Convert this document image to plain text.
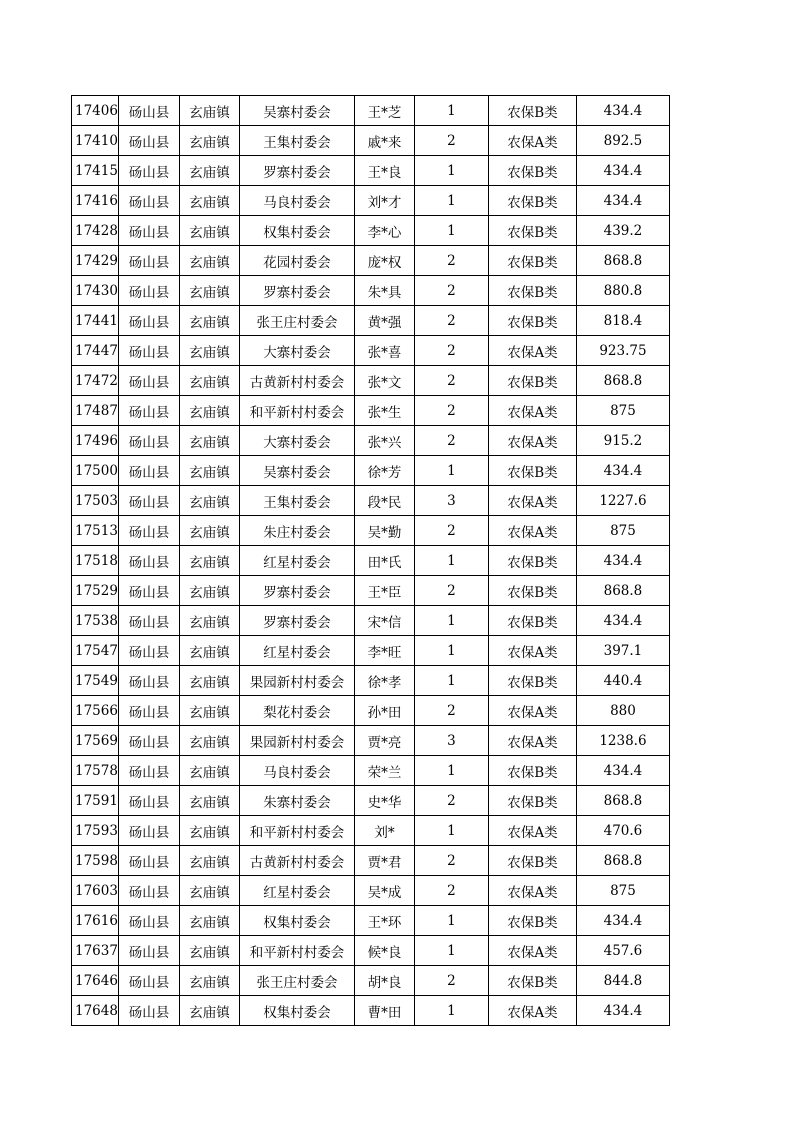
17406	砀山县	玄庙镇	吴寨村委会	王*芝	1	农保B类	434.4
17410	砀山县	玄庙镇	王集村委会	戚*来	2	农保A类	892.5
17415	砀山县	玄庙镇	罗寨村委会	王*良	1	农保B类	434.4
17416	砀山县	玄庙镇	马良村委会	刘*才	1	农保B类	434.4
17428	砀山县	玄庙镇	权集村委会	李*心	1	农保B类	439.2
17429	砀山县	玄庙镇	花园村委会	庞*权	2	农保B类	868.8
17430	砀山县	玄庙镇	罗寨村委会	朱*具	2	农保B类	880.8
17441	砀山县	玄庙镇	张王庄村委会	黄*强	2	农保B类	818.4
17447	砀山县	玄庙镇	大寨村委会	张*喜	2	农保A类	923.75
17472	砀山县	玄庙镇	古黄新村村委会	张*文	2	农保B类	868.8
17487	砀山县	玄庙镇	和平新村村委会	张*生	2	农保A类	875
17496	砀山县	玄庙镇	大寨村委会	张*兴	2	农保A类	915.2
17500	砀山县	玄庙镇	吴寨村委会	徐*芳	1	农保B类	434.4
17503	砀山县	玄庙镇	王集村委会	段*民	3	农保A类	1227.6
17513	砀山县	玄庙镇	朱庄村委会	吴*勤	2	农保A类	875
17518	砀山县	玄庙镇	红星村委会	田*氏	1	农保B类	434.4
17529	砀山县	玄庙镇	罗寨村委会	王*臣	2	农保B类	868.8
17538	砀山县	玄庙镇	罗寨村委会	宋*信	1	农保B类	434.4
17547	砀山县	玄庙镇	红星村委会	李*旺	1	农保A类	397.1
17549	砀山县	玄庙镇	果园新村村委会	徐*孝	1	农保B类	440.4
17566	砀山县	玄庙镇	梨花村委会	孙*田	2	农保A类	880
17569	砀山县	玄庙镇	果园新村村委会	贾*亮	3	农保A类	1238.6
17578	砀山县	玄庙镇	马良村委会	荣*兰	1	农保B类	434.4
17591	砀山县	玄庙镇	朱寨村委会	史*华	2	农保B类	868.8
17593	砀山县	玄庙镇	和平新村村委会	刘*	1	农保A类	470.6
17598	砀山县	玄庙镇	古黄新村村委会	贾*君	2	农保B类	868.8
17603	砀山县	玄庙镇	红星村委会	吴*成	2	农保A类	875
17616	砀山县	玄庙镇	权集村委会	王*环	1	农保B类	434.4
17637	砀山县	玄庙镇	和平新村村委会	候*良	1	农保A类	457.6
17646	砀山县	玄庙镇	张王庄村委会	胡*良	2	农保B类	844.8
17648	砀山县	玄庙镇	权集村委会	曹*田	1	农保A类	434.4
